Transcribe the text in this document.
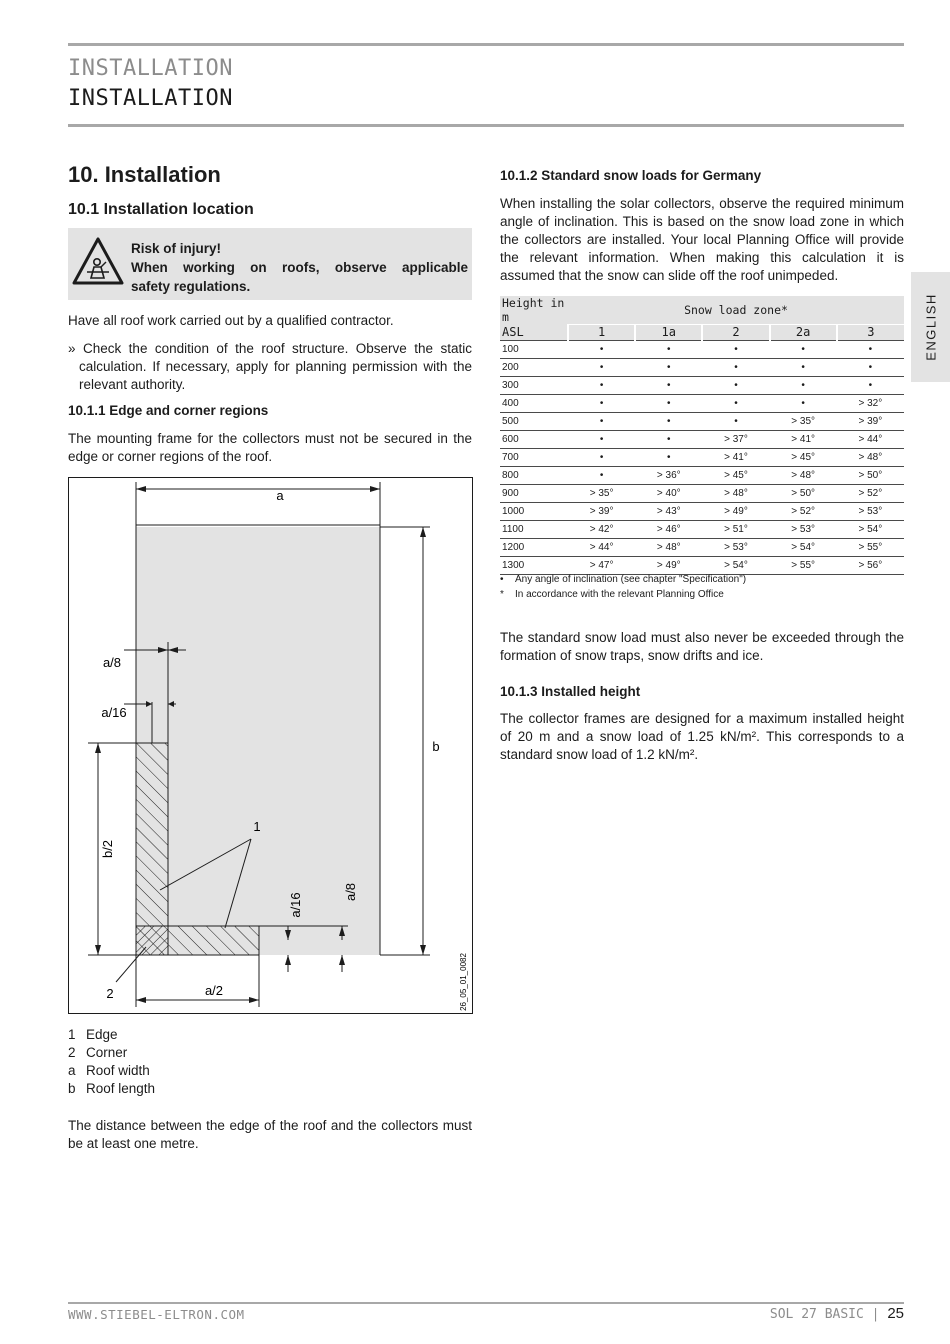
INSTALLATION
INSTALLATION
ENGLISH
10. Installation
10.1 Installation location
Risk of injury!
When working on roofs, observe applicable
safety regulations.

Have all roof work carried out by a qualified contractor.

» Check the condition of the roof structure. Observe the static calculation. If necessary, apply for planning permission with the relevant authority.

10.1.1 Edge and corner regions

The mounting frame for the collectors must not be secured in the edge or corner regions of the roof.

a
b
a/8
a/16
b/2
1
2	a/2
a/16
a/8
26_05_01_0082
1 Edge
2 Corner
a Roof width
b Roof length

The distance between the edge of the roof and the collectors must be at least one metre.

10.1.2 Standard snow loads for Germany

When installing the solar collectors, observe the required minimum angle of inclination. This is based on the snow load zone in which the collectors are installed. Your local Planning Office will provide the relevant information. When making this calculation it is assumed that the snow can slide off the roof unimpeded.

Height in m	Snow load zone*				
ASL	1	1a	2	2a	3
100	•	•	•	•	•
200	•	•	•	•	•
300	•	•	•	•	•
400	•	•	•	•	> 32°
500	•	•	•	> 35°	> 39°
600	•	•	> 37°	> 41°	> 44°
700	•	•	> 41°	> 45°	> 48°
800	•	> 36°	> 45°	> 48°	> 50°
900	> 35°	> 40°	> 48°	> 50°	> 52°
1000	> 39°	> 43°	> 49°	> 52°	> 53°
1100	> 42°	> 46°	> 51°	> 53°	> 54°
1200	> 44°	> 48°	> 53°	> 54°	> 55°
1300	> 47°	> 49°	> 54°	> 55°	> 56°
• Any angle of inclination (see chapter "Specification")
* In accordance with the relevant Planning Office

The standard snow load must also never be exceeded through the formation of snow traps, snow drifts and ice.

10.1.3 Installed height

The collector frames are designed for a maximum installed height of 20 m and a snow load of 1.25 kN/m². This corresponds to a standard snow load of 1.2 kN/m².

WWW.STIEBEL-ELTRON.COM	SOL 27 BASIC | 25
